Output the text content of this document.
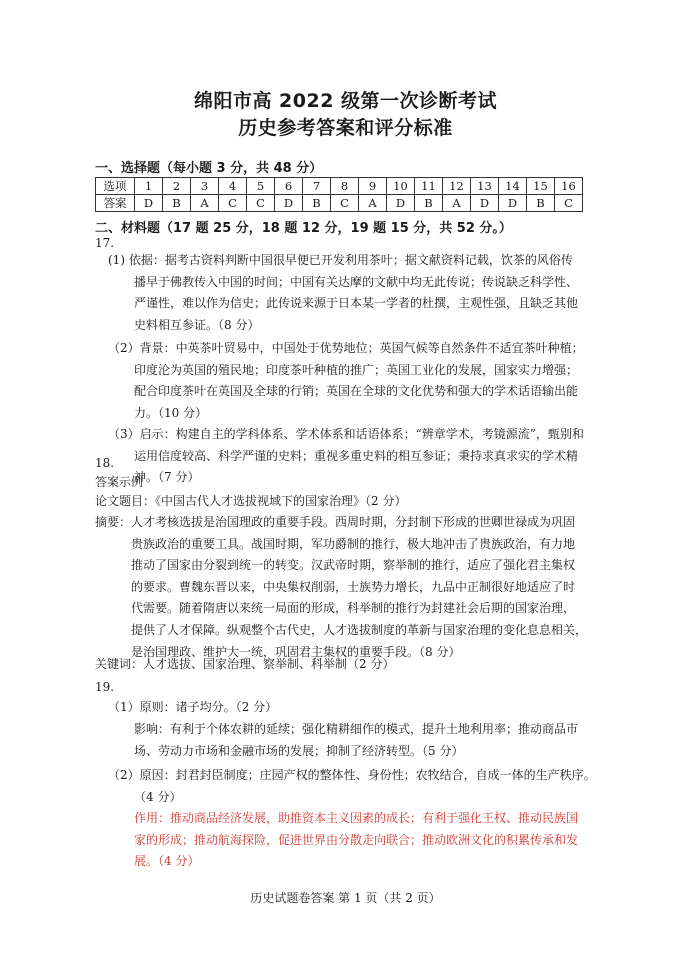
绵阳市高 2022 级第一次诊断考试
历史参考答案和评分标准
一、选择题（每小题 3 分，共 48 分）
选项	1	2	3	4	5	6	7	8	9	10	11	12	13	14	15	16
答案	D	B	A	C	C	D	B	C	A	D	B	A	D	D	B	C
二、材料题（17 题 25 分，18 题 12 分，19 题 15 分，共 52 分。）
17.
(1) 依据：据考古资料判断中国很早便已开发利用茶叶；据文献资料记载，饮茶的风俗传
播早于佛教传入中国的时间；中国有关达摩的文献中均无此传说；传说缺乏科学性、
严谨性，难以作为信史；此传说来源于日本某一学者的杜撰，主观性强，且缺乏其他
史料相互参证。（8 分）
（2）背景：中英茶叶贸易中，中国处于优势地位；英国气候等自然条件不适宜茶叶种植；
印度沦为英国的殖民地；印度茶叶种植的推广；英国工业化的发展，国家实力增强；
配合印度茶叶在英国及全球的行销；英国在全球的文化优势和强大的学术话语输出能
力。（10 分）
（3）启示：构建自主的学科体系、学术体系和话语体系；“辨章学术，考镜源流”，甄别和
运用信度较高、科学严谨的史料；重视多重史料的相互参证；秉持求真求实的学术精
神。（7 分）
18.
答案示例
论文题目：《中国古代人才选拔视域下的国家治理》（2 分）
摘要：人才考核选拔是治国理政的重要手段。西周时期，分封制下形成的世卿世禄成为巩固
贵族政治的重要工具。战国时期，军功爵制的推行，极大地冲击了贵族政治，有力地
推动了国家由分裂到统一的转变。汉武帝时期，察举制的推行，适应了强化君主集权
的要求。曹魏东晋以来，中央集权削弱，士族势力增长，九品中正制很好地适应了时
代需要。随着隋唐以来统一局面的形成，科举制的推行为封建社会后期的国家治理，
提供了人才保障。纵观整个古代史，人才选拔制度的革新与国家治理的变化息息相关，
是治国理政、维护大一统，巩固君主集权的重要手段。（8 分）
关键词：人才选拔、国家治理、察举制、科举制（2 分）
19.
（1）原则：诸子均分。（2 分）
影响：有利于个体农耕的延续；强化精耕细作的模式，提升土地利用率；推动商品市
场、劳动力市场和金融市场的发展；抑制了经济转型。（5 分）
（2）原因：封君封臣制度；庄园产权的整体性、身份性；农牧结合，自成一体的生产秩序。
（4 分）
作用：推动商品经济发展，助推资本主义因素的成长；有利于强化王权、推动民族国
家的形成；推动航海探险，促进世界由分散走向联合；推动欧洲文化的积累传承和发
展。（4 分）
历史试题卷答案 第 1 页（共 2 页）
